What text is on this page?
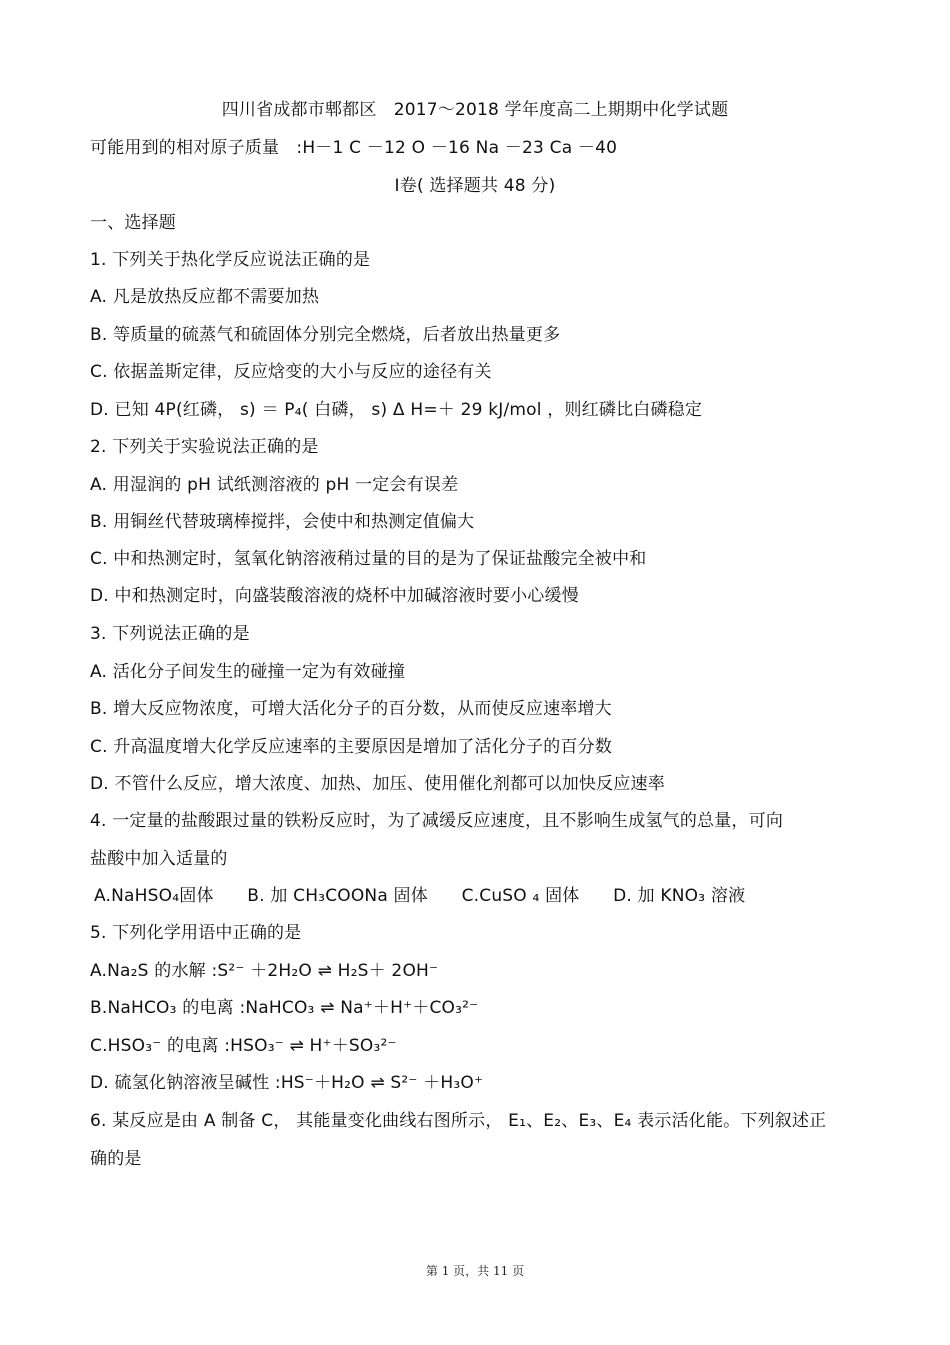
四川省成都市郫都区　2017～2018 学年度高二上期期中化学试题
可能用到的相对原子质量　:H－1 C －12 O －16 Na －23 Ca －40
Ⅰ卷( 选择题共 48 分)
一、选择题
1. 下列关于热化学反应说法正确的是
A. 凡是放热反应都不需要加热
B. 等质量的硫蒸气和硫固体分别完全燃烧，后者放出热量更多
C. 依据盖斯定律，反应焓变的大小与反应的途径有关
D. 已知 4P(红磷， s) ＝ P₄( 白磷， s) Δ H=＋ 29 kJ/mol ，则红磷比白磷稳定
2. 下列关于实验说法正确的是
A. 用湿润的 pH 试纸测溶液的 pH 一定会有误差
B. 用铜丝代替玻璃棒搅拌，会使中和热测定值偏大
C. 中和热测定时，氢氧化钠溶液稍过量的目的是为了保证盐酸完全被中和
D. 中和热测定时，向盛装酸溶液的烧杯中加碱溶液时要小心缓慢
3. 下列说法正确的是
A. 活化分子间发生的碰撞一定为有效碰撞
B. 增大反应物浓度，可增大活化分子的百分数，从而使反应速率增大
C. 升高温度增大化学反应速率的主要原因是增加了活化分子的百分数
D. 不管什么反应，增大浓度、加热、加压、使用催化剂都可以加快反应速率
4. 一定量的盐酸跟过量的铁粉反应时，为了减缓反应速度，且不影响生成氢气的总量，可向
盐酸中加入适量的
A.NaHSO₄固体 B. 加 CH₃COONa 固体 C.CuSO ₄ 固体 D. 加 KNO₃ 溶液
5. 下列化学用语中正确的是
A.Na₂S 的水解 :S²⁻ ＋2H₂O ⇌ H₂S＋ 2OH⁻
B.NaHCO₃ 的电离 :NaHCO₃ ⇌ Na⁺＋H⁺＋CO₃²⁻
C.HSO₃⁻ 的电离 :HSO₃⁻ ⇌ H⁺＋SO₃²⁻
D. 硫氢化钠溶液呈碱性 :HS⁻＋H₂O ⇌ S²⁻ ＋H₃O⁺
6. 某反应是由 A 制备 C， 其能量变化曲线右图所示， E₁、E₂、E₃、E₄ 表示活化能。下列叙述正
确的是
第 1 页，共 11 页
